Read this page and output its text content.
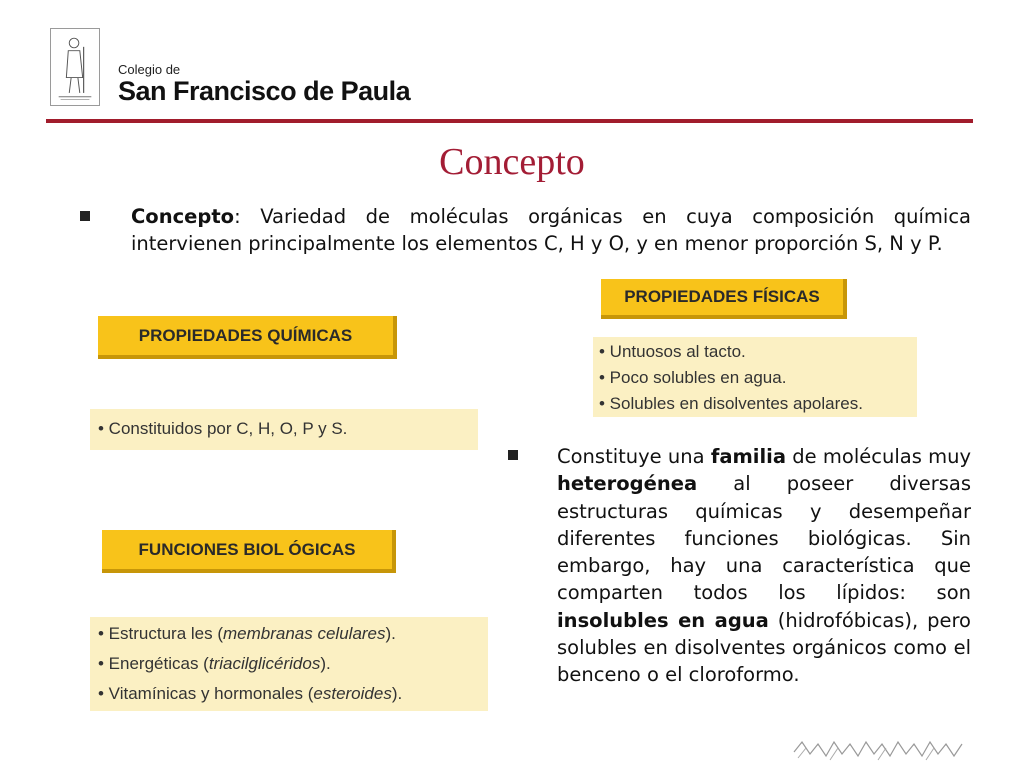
Colegio de
San Francisco de Paula
Concepto
Concepto: Variedad de moléculas orgánicas en cuya composición química intervienen principalmente los elementos C, H y O, y en menor proporción S, N y P.
PROPIEDADES QUÍMICAS
• Constituidos por C, H, O, P y S.
PROPIEDADES FÍSICAS
• Untuosos al tacto.
• Poco solubles en agua.
• Solubles en disolventes apolares.
FUNCIONES BIOL ÓGICAS
• Estructura les (membranas celulares).
• Energéticas (triacilglicéridos).
• Vitamínicas y hormonales (esteroides).
Constituye una familia de moléculas muy heterogénea al poseer diversas estructuras químicas y desempeñar diferentes funciones biológicas. Sin embargo, hay una característica que comparten todos los lípidos: son insolubles en agua (hidrofóbicas), pero solubles en disolventes orgánicos como el benceno o el cloroformo.
